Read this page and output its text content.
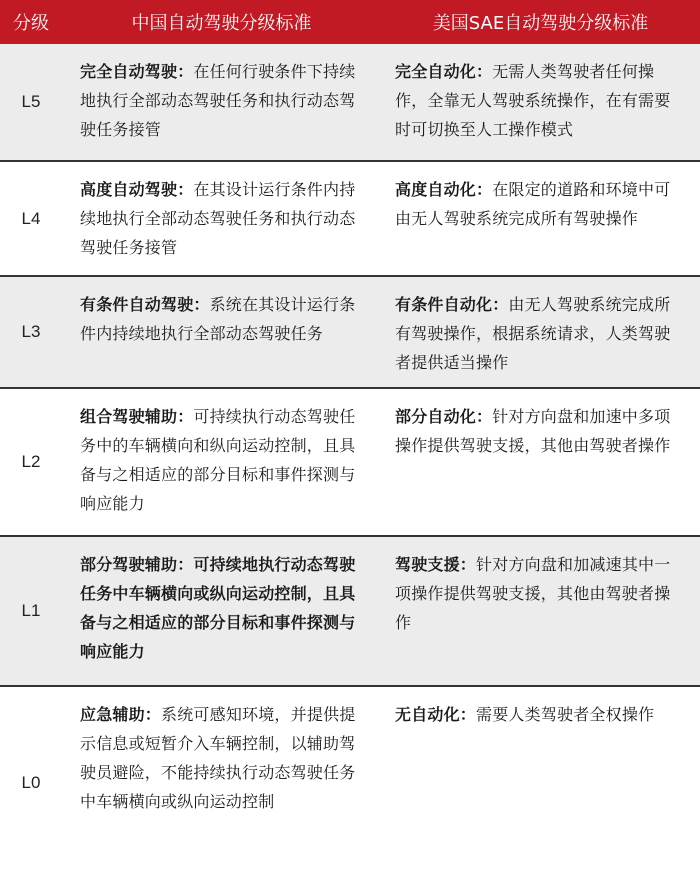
分级	中国自动驾驶分级标准	美国SAE自动驾驶分级标准
L5
完全自动驾驶：在任何行驶条件下持续地执行全部动态驾驶任务和执行动态驾驶任务接管
完全自动化：无需人类驾驶者任何操作，全靠无人驾驶系统操作，在有需要时可切换至人工操作模式
L4
高度自动驾驶：在其设计运行条件内持续地执行全部动态驾驶任务和执行动态驾驶任务接管
高度自动化：在限定的道路和环境中可由无人驾驶系统完成所有驾驶操作
L3
有条件自动驾驶：系统在其设计运行条件内持续地执行全部动态驾驶任务
有条件自动化：由无人驾驶系统完成所有驾驶操作，根据系统请求，人类驾驶者提供适当操作
L2
组合驾驶辅助：可持续执行动态驾驶任务中的车辆横向和纵向运动控制，且具备与之相适应的部分目标和事件探测与响应能力
部分自动化：针对方向盘和加速中多项操作提供驾驶支援，其他由驾驶者操作
L1
部分驾驶辅助：可持续地执行动态驾驶任务中车辆横向或纵向运动控制，且具备与之相适应的部分目标和事件探测与响应能力
驾驶支援：针对方向盘和加减速其中一项操作提供驾驶支援，其他由驾驶者操作
L0
应急辅助：系统可感知环境，并提供提示信息或短暂介入车辆控制，以辅助驾驶员避险，不能持续执行动态驾驶任务中车辆横向或纵向运动控制
无自动化：需要人类驾驶者全权操作
